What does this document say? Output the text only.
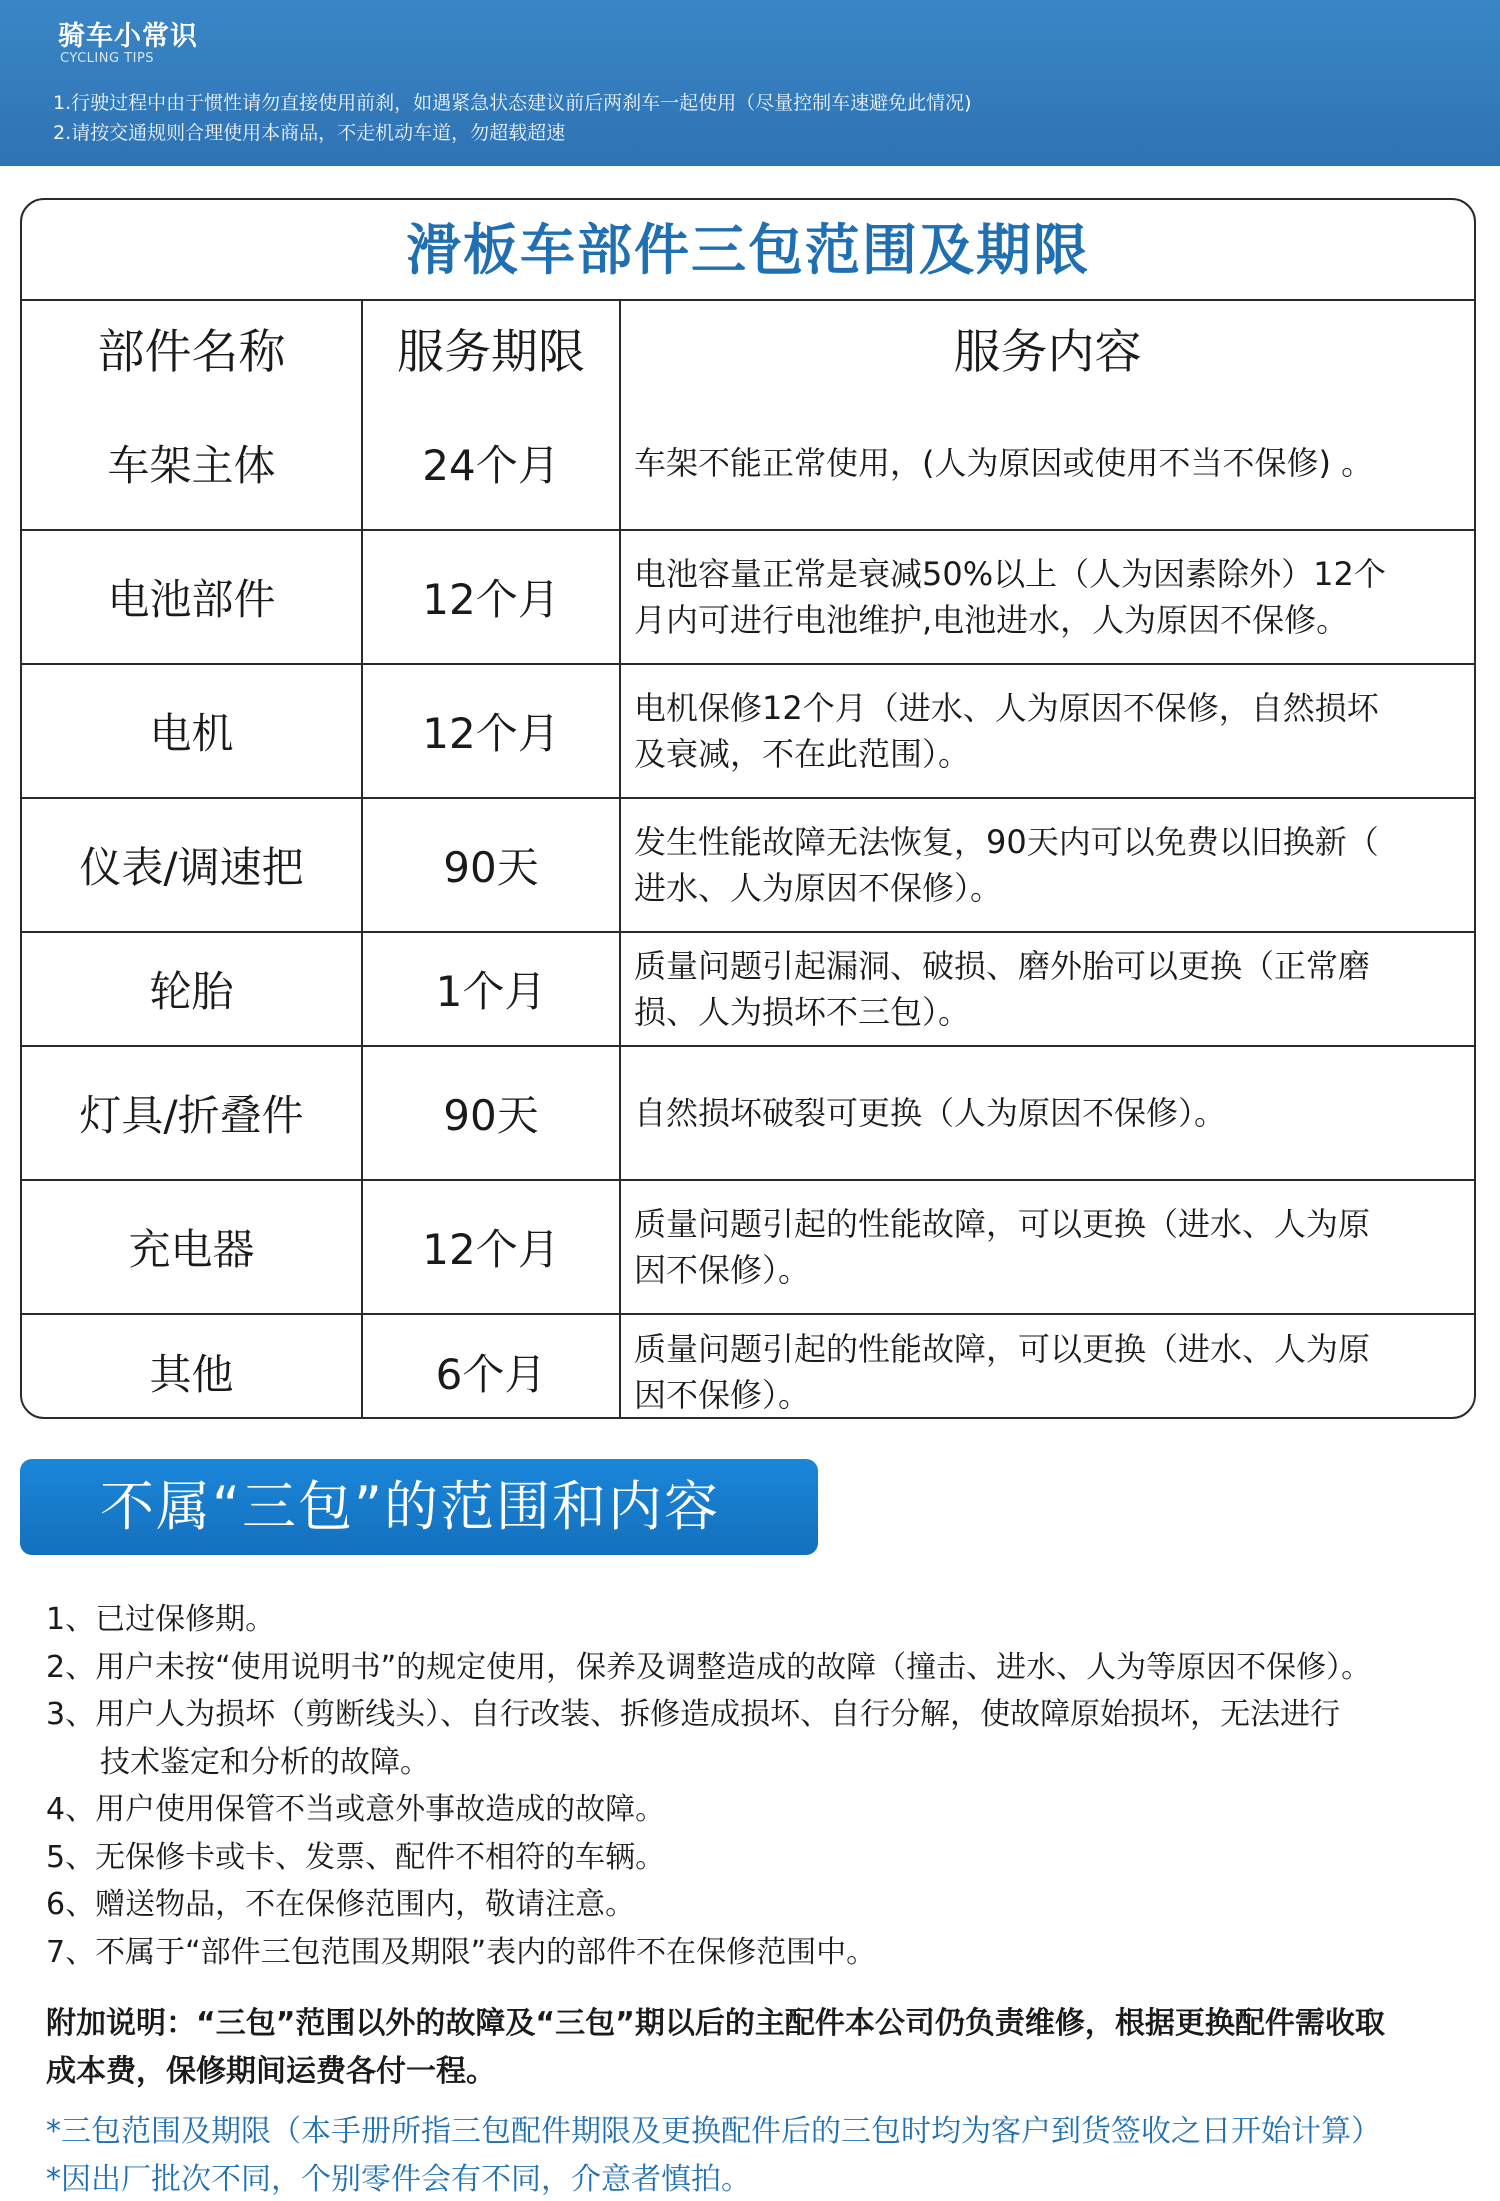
骑车小常识
CYCLING TIPS
1.行驶过程中由于惯性请勿直接使用前刹，如遇紧急状态建议前后两刹车一起使用（尽量控制车速避免此情况)
2.请按交通规则合理使用本商品，不走机动车道，勿超载超速
滑板车部件三包范围及期限
部件名称	服务期限	服务内容
车架主体	24个月	车架不能正常使用，(人为原因或使用不当不保修) 。

电池部件	12个月	电池容量正常是衰减50%以上（人为因素除外）12个
月内可进行电池维护,电池进水，人为原因不保修。

电机	12个月	电机保修12个月（进水、人为原因不保修，自然损坏
及衰减，不在此范围）。

仪表/调速把	90天	发生性能故障无法恢复，90天内可以免费以旧换新（
进水、人为原因不保修）。

轮胎	1个月	质量问题引起漏洞、破损、磨外胎可以更换（正常磨
损、人为损坏不三包）。

灯具/折叠件	90天	自然损坏破裂可更换（人为原因不保修）。

充电器	12个月	质量问题引起的性能故障，可以更换（进水、人为原
因不保修）。

其他	6个月	质量问题引起的性能故障，可以更换（进水、人为原
因不保修）。
不属“三包”的范围和内容
1、已过保修期。
2、用户未按“使用说明书”的规定使用，保养及调整造成的故障（撞击、进水、人为等原因不保修）。
3、用户人为损坏（剪断线头）、自行改装、拆修造成损坏、自行分解，使故障原始损坏，无法进行
技术鉴定和分析的故障。
4、用户使用保管不当或意外事故造成的故障。
5、无保修卡或卡、发票、配件不相符的车辆。
6、赠送物品，不在保修范围内，敬请注意。
7、不属于“部件三包范围及期限”表内的部件不在保修范围中。
附加说明：“三包”范围以外的故障及“三包”期以后的主配件本公司仍负责维修，根据更换配件需收取
成本费，保修期间运费各付一程。
*三包范围及期限（本手册所指三包配件期限及更换配件后的三包时均为客户到货签收之日开始计算）
*因出厂批次不同，个别零件会有不同，介意者慎拍。
